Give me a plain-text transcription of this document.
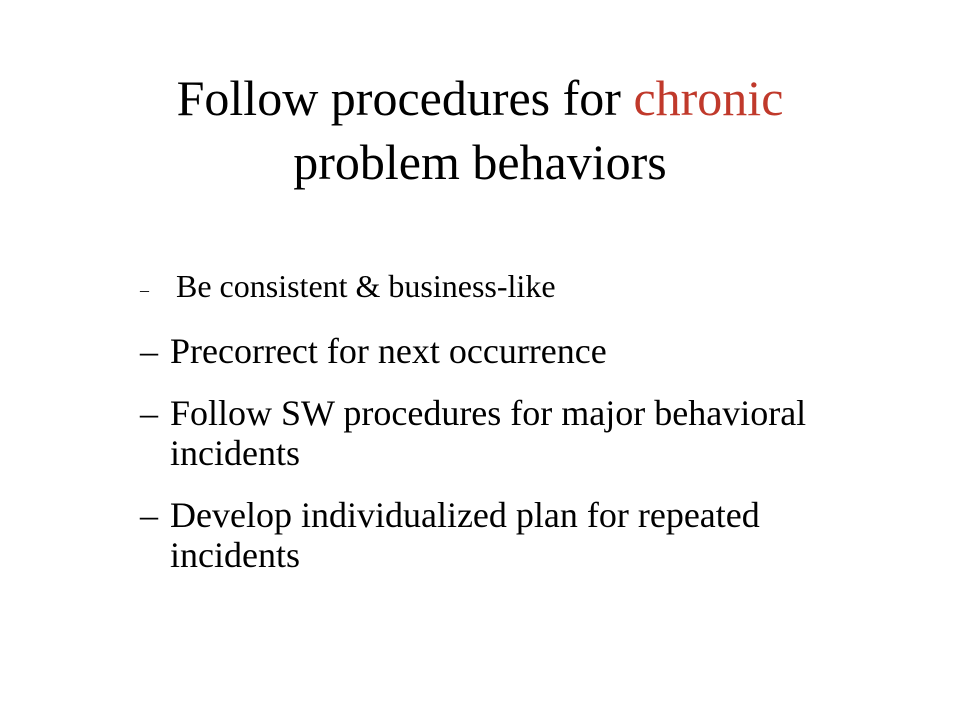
Follow procedures for chronic
problem behaviors
– Be consistent & business-like
– Precorrect for next occurrence
– Follow SW procedures for major behavioral incidents
– Develop individualized plan for repeated incidents
